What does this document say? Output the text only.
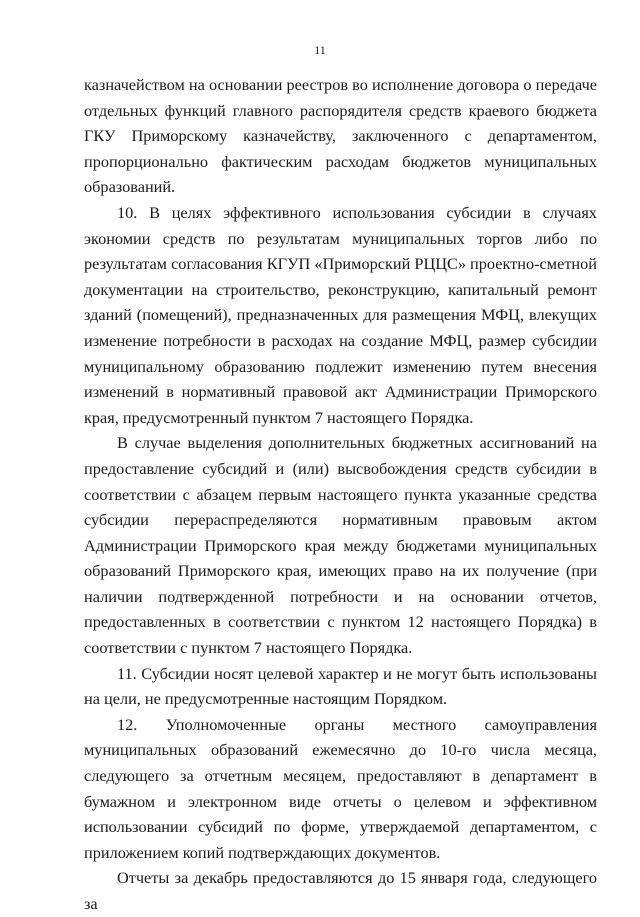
11

казначейством на основании реестров во исполнение договора о передаче отдельных функций главного распорядителя средств краевого бюджета ГКУ Приморскому казначейству, заключенного с департаментом, пропорционально фактическим расходам бюджетов муниципальных образований.

10. В целях эффективного использования субсидии в случаях экономии средств по результатам муниципальных торгов либо по результатам согласования КГУП «Приморский РЦЦС» проектно-сметной документации на строительство, реконструкцию, капитальный ремонт зданий (помещений), предназначенных для размещения МФЦ, влекущих изменение потребности в расходах на создание МФЦ, размер субсидии муниципальному образованию подлежит изменению путем внесения изменений в нормативный правовой акт Администрации Приморского края, предусмотренный пунктом 7 настоящего Порядка.

В случае выделения дополнительных бюджетных ассигнований на предоставление субсидий и (или) высвобождения средств субсидии в соответствии с абзацем первым настоящего пункта указанные средства субсидии перераспределяются нормативным правовым актом Администрации Приморского края между бюджетами муниципальных образований Приморского края, имеющих право на их получение (при наличии подтвержденной потребности и на основании отчетов, предоставленных в соответствии с пунктом 12 настоящего Порядка) в соответствии с пунктом 7 настоящего Порядка.

11. Субсидии носят целевой характер и не могут быть использованы на цели, не предусмотренные настоящим Порядком.

12. Уполномоченные органы местного самоуправления муниципальных образований ежемесячно до 10-го числа месяца, следующего за отчетным месяцем, предоставляют в департамент в бумажном и электронном виде отчеты о целевом и эффективном использовании субсидий по форме, утверждаемой департаментом, с приложением копий подтверждающих документов.

Отчеты за декабрь предоставляются до 15 января года, следующего за
